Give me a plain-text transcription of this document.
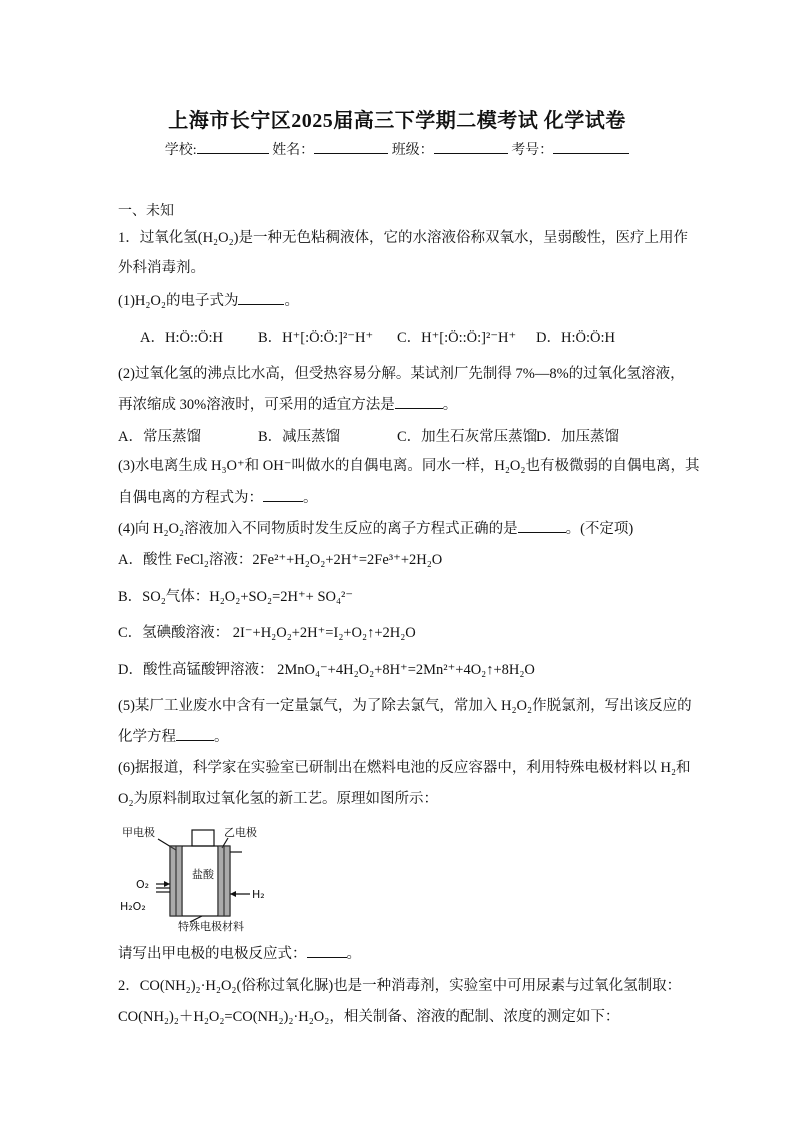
上海市长宁区2025届高三下学期二模考试 化学试卷
学校:	姓名：	班级：	考号：
一、未知
1．过氧化氢(H₂O₂)是一种无色粘稠液体，它的水溶液俗称双氧水，呈弱酸性，医疗上用作
外科消毒剂。
(1)H₂O₂的电子式为	。
A．H:Ö::Ö:H B．H⁺[:Ö:Ö:]²⁻H⁺ C．H⁺[:Ö::Ö:]²⁻H⁺ D．H:Ö:Ö:H
(2)过氧化氢的沸点比水高，但受热容易分解。某试剂厂先制得 7%—8%的过氧化氢溶液，
再浓缩成 30%溶液时，可采用的适宜方法是	。
A．常压蒸馏	B．减压蒸馏	C．加生石灰常压蒸馏
D．加压蒸馏
(3)水电离生成 H₃O⁺和 OH⁻叫做水的自偶电离。同水一样，H₂O₂也有极微弱的自偶电离，其
自偶电离的方程式为：	。
(4)向 H₂O₂溶液加入不同物质时发生反应的离子方程式正确的是	。(不定项)
A．酸性 FeCl₂溶液：2Fe²⁺+H₂O₂+2H⁺=2Fe³⁺+2H₂O
B．SO₂气体：H₂O₂+SO₂=2H⁺+ SO₄²⁻
C．氢碘酸溶液： 2I⁻+H₂O₂+2H⁺=I₂+O₂↑+2H₂O
D．酸性高锰酸钾溶液： 2MnO₄⁻+4H₂O₂+8H⁺=2Mn²⁺+4O₂↑+8H₂O
(5)某厂工业废水中含有一定量氯气，为了除去氯气，常加入 H₂O₂作脱氯剂，写出该反应的
化学方程	。
(6)据报道，科学家在实验室已研制出在燃料电池的反应容器中，利用特殊电极材料以 H₂和
O₂为原料制取过氧化氢的新工艺。原理如图所示：
甲电极	乙电极
盐酸
O₂
H₂O₂
H₂
特殊电极材料
请写出甲电极的电极反应式：	。
2．CO(NH₂)₂·H₂O₂(俗称过氧化脲)也是一种消毒剂，实验室中可用尿素与过氧化氢制取：
CO(NH₂)₂＋H₂O₂=CO(NH₂)₂·H₂O₂，相关制备、溶液的配制、浓度的测定如下：
